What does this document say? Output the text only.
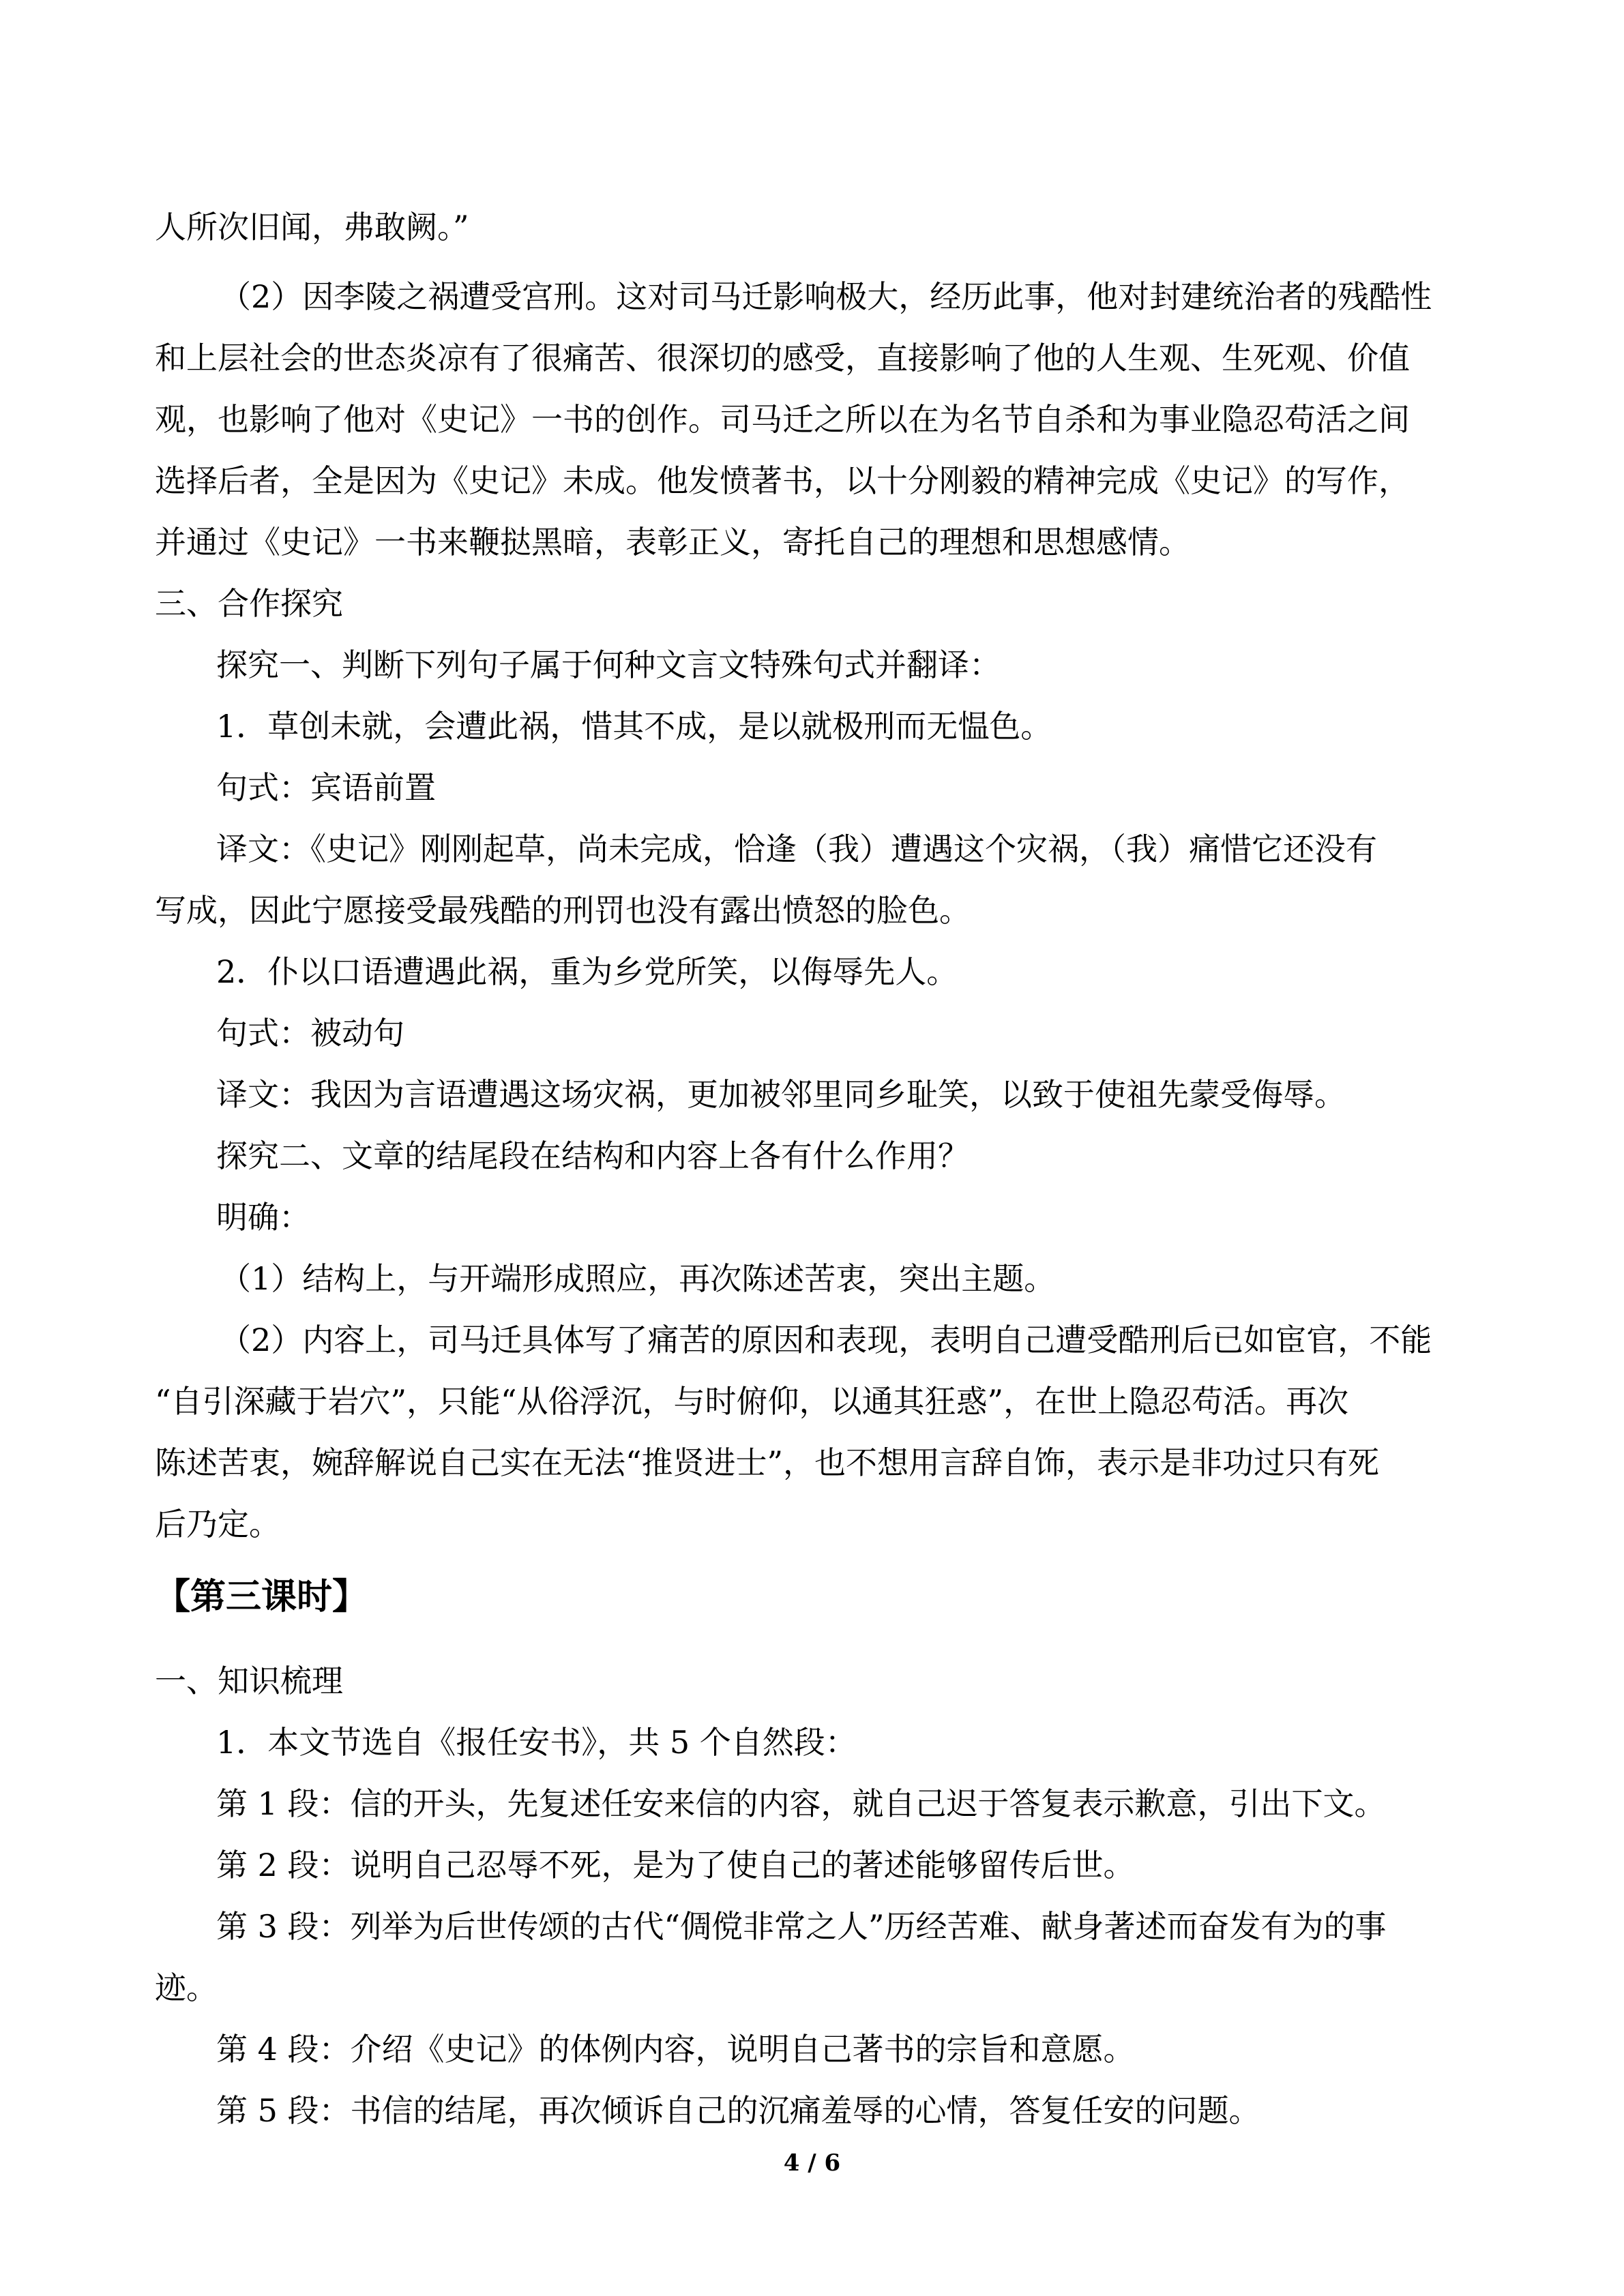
人所次旧闻，弗敢阙。”
（2）因李陵之祸遭受宫刑。这对司马迁影响极大，经历此事，他对封建统治者的残酷性
和上层社会的世态炎凉有了很痛苦、很深切的感受，直接影响了他的人生观、生死观、价值
观，也影响了他对《史记》一书的创作。司马迁之所以在为名节自杀和为事业隐忍苟活之间
选择后者，全是因为《史记》未成。他发愤著书，以十分刚毅的精神完成《史记》的写作，
并通过《史记》一书来鞭挞黑暗，表彰正义，寄托自己的理想和思想感情。
三、合作探究
探究一、判断下列句子属于何种文言文特殊句式并翻译：
1．草创未就，会遭此祸，惜其不成，是以就极刑而无愠色。
句式：宾语前置
译文：《史记》刚刚起草，尚未完成，恰逢（我）遭遇这个灾祸，（我）痛惜它还没有
写成，因此宁愿接受最残酷的刑罚也没有露出愤怒的脸色。
2．仆以口语遭遇此祸，重为乡党所笑，以侮辱先人。
句式：被动句
译文：我因为言语遭遇这场灾祸，更加被邻里同乡耻笑，以致于使祖先蒙受侮辱。
探究二、文章的结尾段在结构和内容上各有什么作用？
明确：
（1）结构上，与开端形成照应，再次陈述苦衷，突出主题。
（2）内容上，司马迁具体写了痛苦的原因和表现，表明自己遭受酷刑后已如宦官，不能
“自引深藏于岩穴”，只能“从俗浮沉，与时俯仰，以通其狂惑”，在世上隐忍苟活。再次
陈述苦衷，婉辞解说自己实在无法“推贤进士”，也不想用言辞自饰，表示是非功过只有死
后乃定。
【第三课时】
一、知识梳理
1．本文节选自《报任安书》，共 5 个自然段：
第 1 段：信的开头，先复述任安来信的内容，就自己迟于答复表示歉意，引出下文。
第 2 段：说明自己忍辱不死，是为了使自己的著述能够留传后世。
第 3 段：列举为后世传颂的古代“倜傥非常之人”历经苦难、献身著述而奋发有为的事
迹。
第 4 段：介绍《史记》的体例内容，说明自己著书的宗旨和意愿。
第 5 段：书信的结尾，再次倾诉自己的沉痛羞辱的心情，答复任安的问题。
4 / 6
